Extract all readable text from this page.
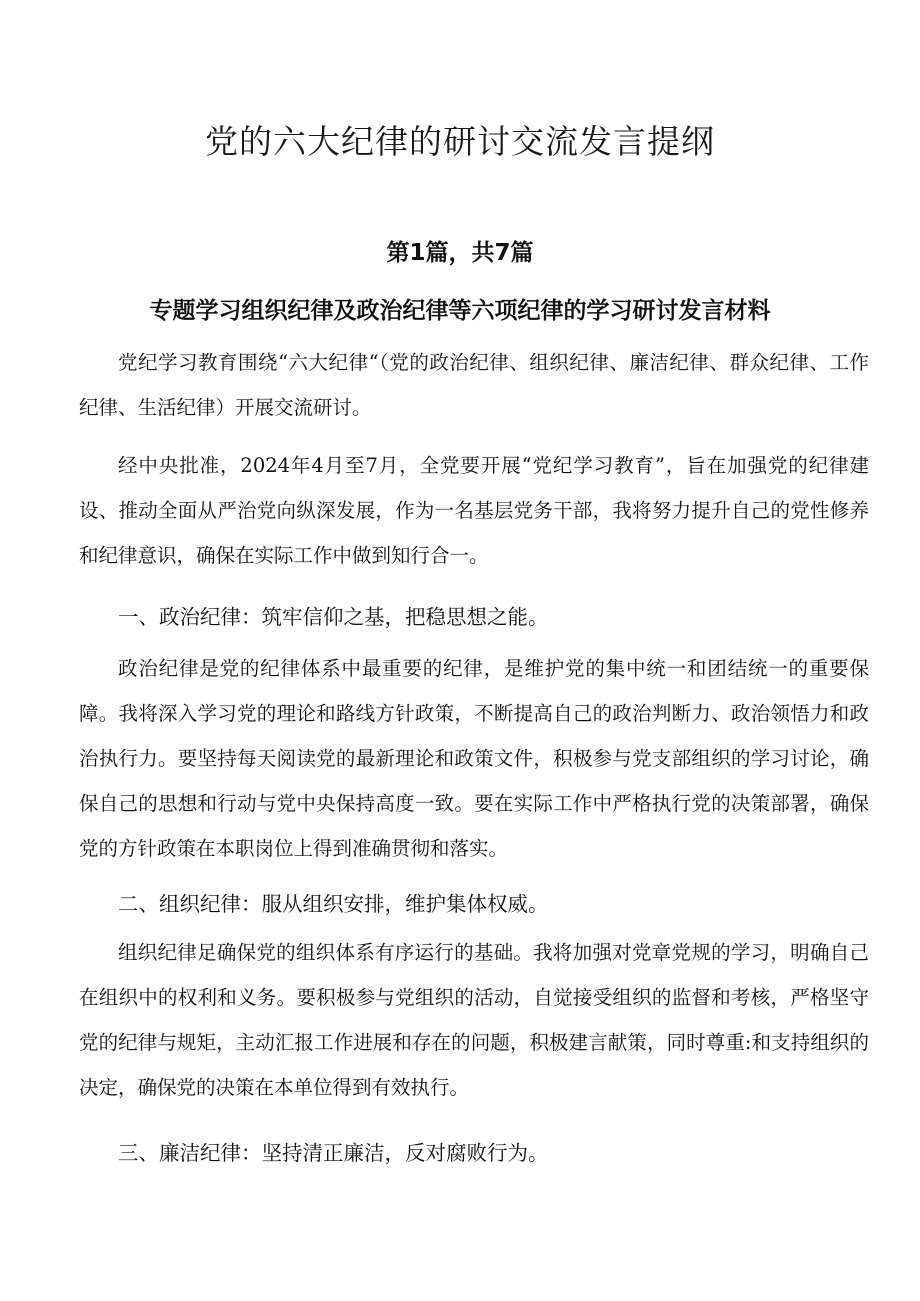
党的六大纪律的研讨交流发言提纲
第1篇，共7篇
专题学习组织纪律及政治纪律等六项纪律的学习研讨发言材料

党纪学习教育围绕“六大纪律“（党的政治纪律、组织纪律、廉洁纪律、群众纪律、工作纪律、生活纪律）开展交流研讨。

经中央批准，2024年4月至7月，全党要开展“党纪学习教育”，旨在加强党的纪律建设、推动全面从严治党向纵深发展，作为一名基层党务干部，我将努力提升自己的党性修养和纪律意识，确保在实际工作中做到知行合一。

一、政治纪律：筑牢信仰之基，把稳思想之能。

政治纪律是党的纪律体系中最重要的纪律，是维护党的集中统一和团结统一的重要保障。我将深入学习党的理论和路线方针政策，不断提高自己的政治判断力、政治领悟力和政治执行力。要坚持每天阅读党的最新理论和政策文件，积极参与党支部组织的学习讨论，确保自己的思想和行动与党中央保持高度一致。要在实际工作中严格执行党的决策部署，确保党的方针政策在本职岗位上得到准确贯彻和落实。

二、组织纪律：服从组织安排，维护集体权威。

组织纪律足确保党的组织体系有序运行的基础。我将加强对党章党规的学习，明确自己在组织中的权利和义务。要积极参与党组织的活动，自觉接受组织的监督和考核，严格坚守党的纪律与规矩，主动汇报工作进展和存在的问题，积极建言献策，同时尊重:和支持组织的决定，确保党的决策在本单位得到有效执行。

三、廉洁纪律：坚持清正廉洁，反对腐败行为。
